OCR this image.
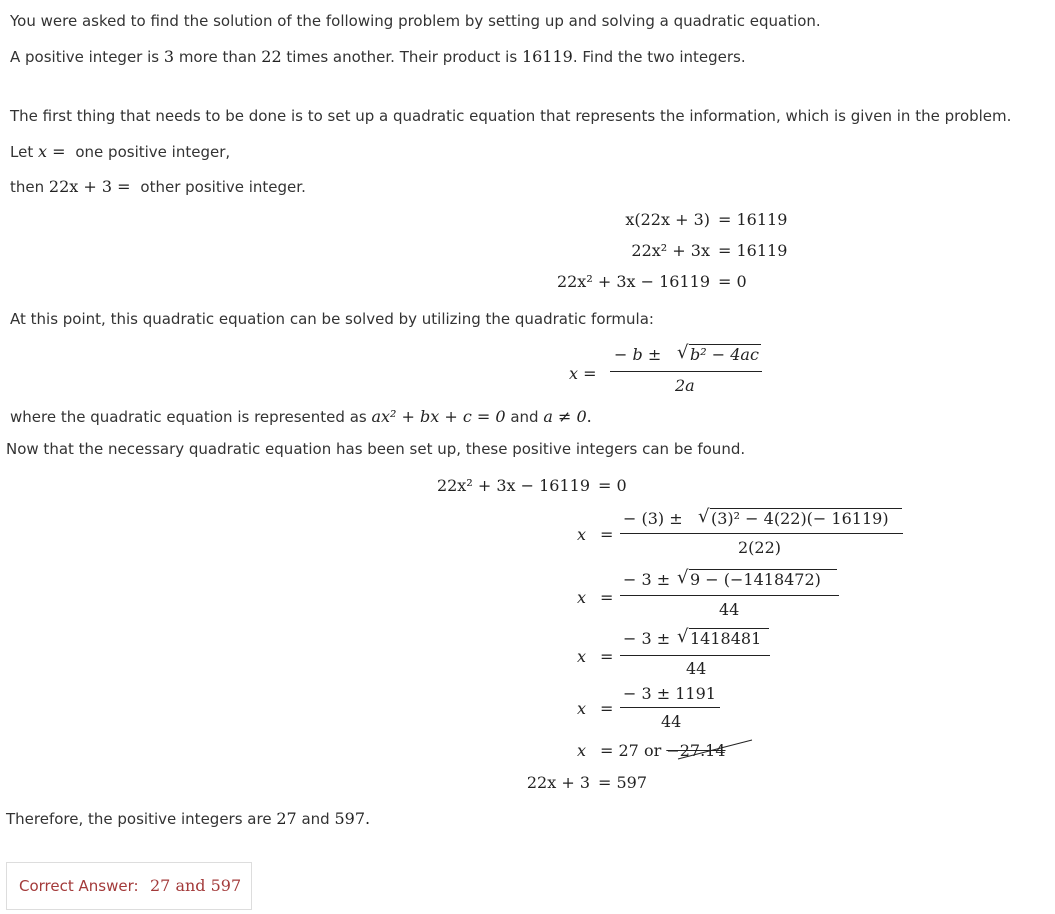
You were asked to find the solution of the following problem by setting up and solving a quadratic equation.
A positive integer is 3 more than 22 times another. Their product is 16119. Find the two integers.
The first thing that needs to be done is to set up a quadratic equation that represents the information, which is given in the problem.
Let x =  one positive integer,
then 22x + 3 =  other positive integer.
x(22x + 3) = 16119
22x² + 3x = 16119
22x² + 3x − 16119 = 0
At this point, this quadratic equation can be solved by utilizing the quadratic formula:
x =
− b ± √ b² − 4ac
2a
where the quadratic equation is represented as ax² + bx + c = 0 and a ≠ 0.
Now that the necessary quadratic equation has been set up, these positive integers can be found.
22x² + 3x − 16119 = 0
x =
− (3) ± √ (3)² − 4(22)(− 16119)
2(22)
x =
− 3 ± √ 9 − (−1418472)
44
x =
− 3 ± √ 1418481
44
x =
− 3 ± 1191
44
x = 27 or −27.14
22x + 3 = 597
Therefore, the positive integers are 27 and 597.
Correct Answer: 27 and 597
